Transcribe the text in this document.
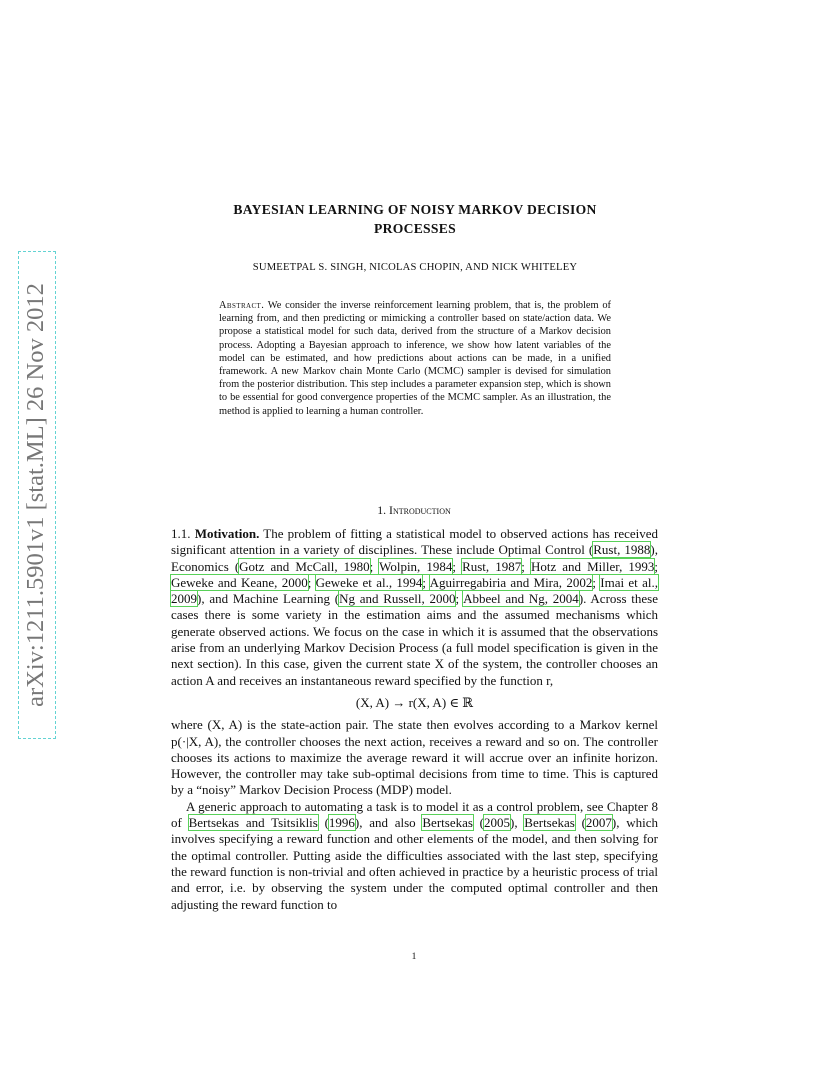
arXiv:1211.5901v1 [stat.ML] 26 Nov 2012
BAYESIAN LEARNING OF NOISY MARKOV DECISION
PROCESSES
SUMEETPAL S. SINGH, NICOLAS CHOPIN, AND NICK WHITELEY
Abstract. We consider the inverse reinforcement learning problem, that is, the problem of learning from, and then predicting or mimicking a controller based on state/action data. We propose a statistical model for such data, derived from the structure of a Markov decision process. Adopting a Bayesian approach to inference, we show how latent variables of the model can be estimated, and how predictions about actions can be made, in a unified framework. A new Markov chain Monte Carlo (MCMC) sampler is devised for simulation from the posterior distribution. This step includes a parameter expansion step, which is shown to be essential for good convergence properties of the MCMC sampler. As an illustration, the method is applied to learning a human controller.
1. Introduction

1.1. Motivation. The problem of fitting a statistical model to observed actions has received significant attention in a variety of disciplines. These include Optimal Control (Rust, 1988), Economics (Gotz and McCall, 1980; Wolpin, 1984; Rust, 1987; Hotz and Miller, 1993; Geweke and Keane, 2000; Geweke et al., 1994; Aguirregabiria and Mira, 2002; Imai et al., 2009), and Machine Learning (Ng and Russell, 2000; Abbeel and Ng, 2004). Across these cases there is some variety in the estimation aims and the assumed mechanisms which generate observed actions. We focus on the case in which it is assumed that the observations arise from an underlying Markov Decision Process (a full model specification is given in the next section). In this case, given the current state X of the system, the controller chooses an action A and receives an instantaneous reward specified by the function r,

(X, A) → r(X, A) ∈ ℝ

where (X, A) is the state-action pair. The state then evolves according to a Markov kernel p(·|X, A), the controller chooses the next action, receives a reward and so on. The controller chooses its actions to maximize the average reward it will accrue over an infinite horizon. However, the controller may take sub-optimal decisions from time to time. This is captured by a “noisy” Markov Decision Process (MDP) model.

A generic approach to automating a task is to model it as a control problem, see Chapter 8 of Bertsekas and Tsitsiklis (1996), and also Bertsekas (2005), Bertsekas (2007), which involves specifying a reward function and other elements of the model, and then solving for the optimal controller. Putting aside the difficulties associated with the last step, specifying the reward function is non-trivial and often achieved in practice by a heuristic process of trial and error, i.e. by observing the system under the computed optimal controller and then adjusting the reward function to

1
